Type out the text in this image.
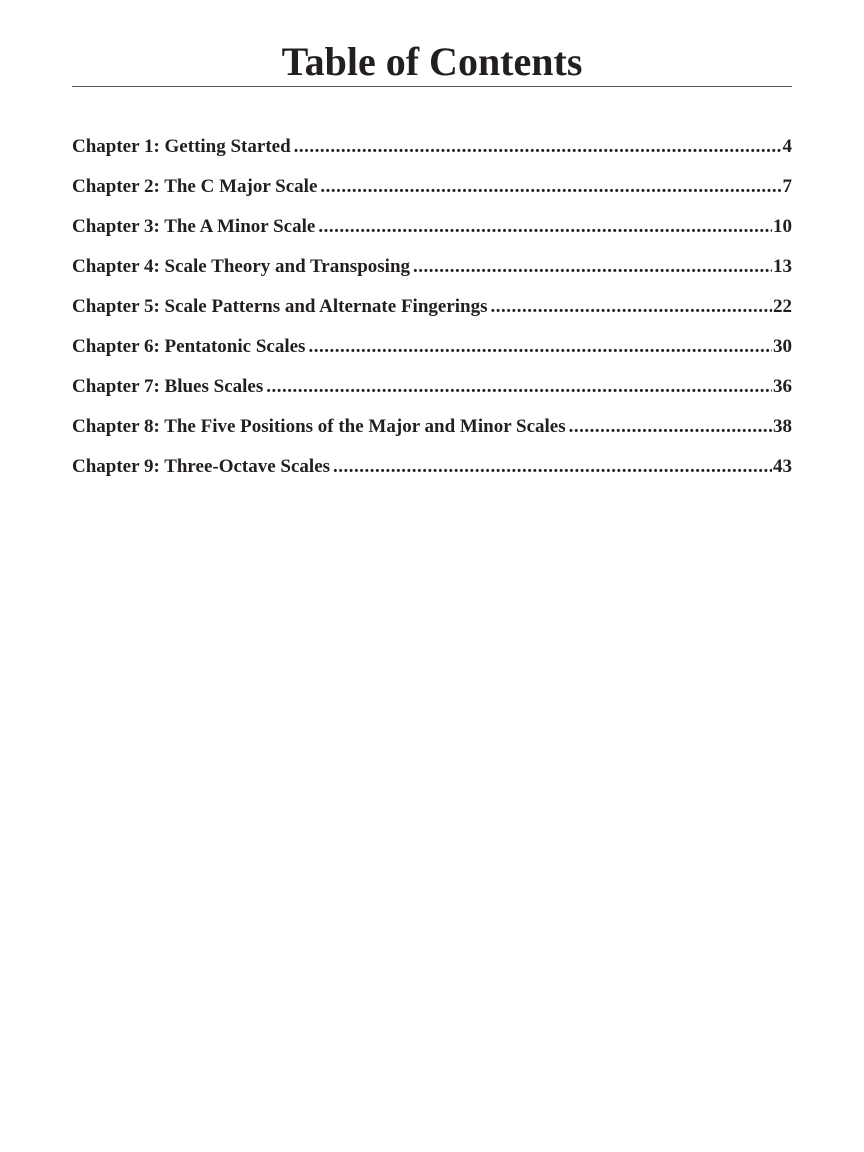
Table of Contents
Chapter 1: Getting Started .....	4
Chapter 2: The C Major Scale .....	7
Chapter 3: The A Minor Scale .....	10
Chapter 4: Scale Theory and Transposing .....	13
Chapter 5: Scale Patterns and Alternate Fingerings .....	22
Chapter 6: Pentatonic Scales .....	30
Chapter 7: Blues Scales .....	36
Chapter 8: The Five Positions of the Major and Minor Scales .....	38
Chapter 9: Three-Octave Scales .....	43
